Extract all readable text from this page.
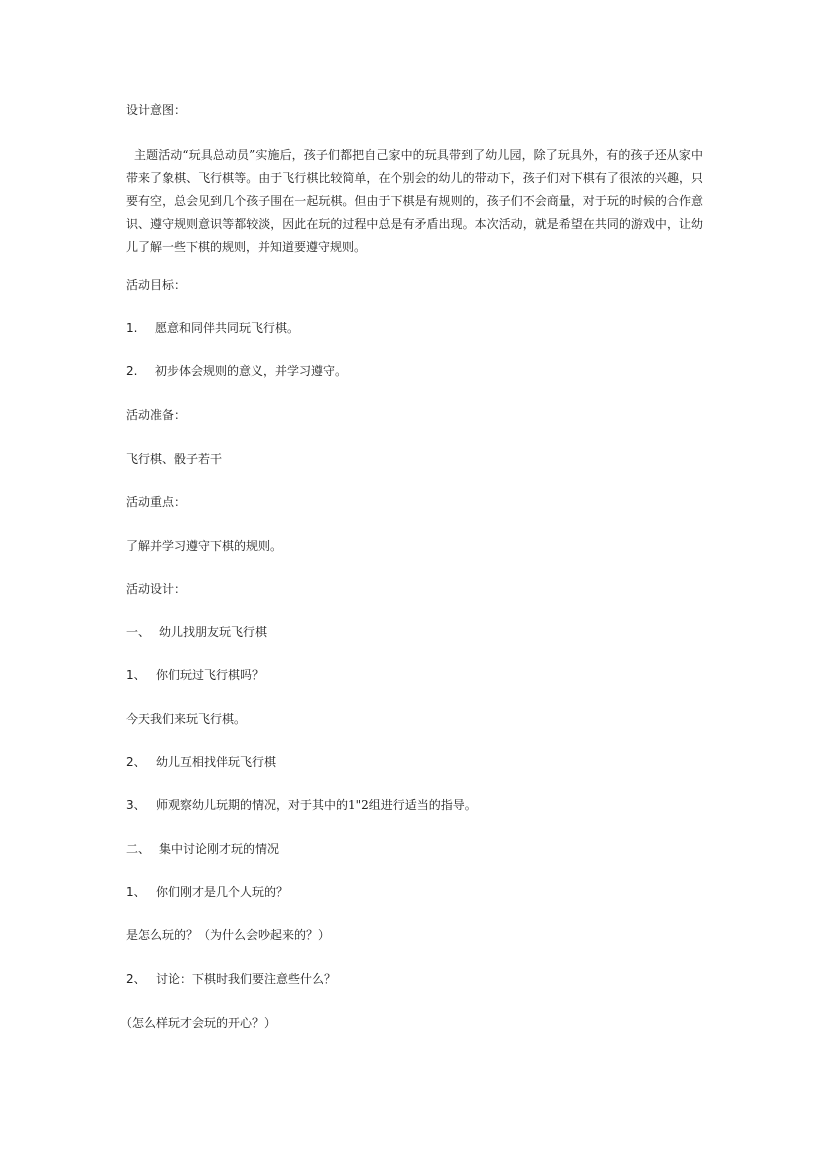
设计意图：
主题活动“玩具总动员”实施后，孩子们都把自己家中的玩具带到了幼儿园，除了玩具外，有的孩子还从家中带来了象棋、飞行棋等。由于飞行棋比较简单，在个别会的幼儿的带动下，孩子们对下棋有了很浓的兴趣，只要有空，总会见到几个孩子围在一起玩棋。但由于下棋是有规则的，孩子们不会商量，对于玩的时候的合作意识、遵守规则意识等都较淡，因此在玩的过程中总是有矛盾出现。本次活动，就是希望在共同的游戏中，让幼儿了解一些下棋的规则，并知道要遵守规则。
活动目标：
1. 愿意和同伴共同玩飞行棋。
2. 初步体会规则的意义，并学习遵守。
活动准备：
飞行棋、骰子若干
活动重点：
了解并学习遵守下棋的规则。
活动设计：
一、 幼儿找朋友玩飞行棋
1、 你们玩过飞行棋吗？
今天我们来玩飞行棋。
2、 幼儿互相找伴玩飞行棋
3、 师观察幼儿玩期的情况，对于其中的1"2组进行适当的指导。
二、 集中讨论刚才玩的情况
1、 你们刚才是几个人玩的？
是怎么玩的？（为什么会吵起来的？）
2、 讨论：下棋时我们要注意些什么？
（怎么样玩才会玩的开心？）
